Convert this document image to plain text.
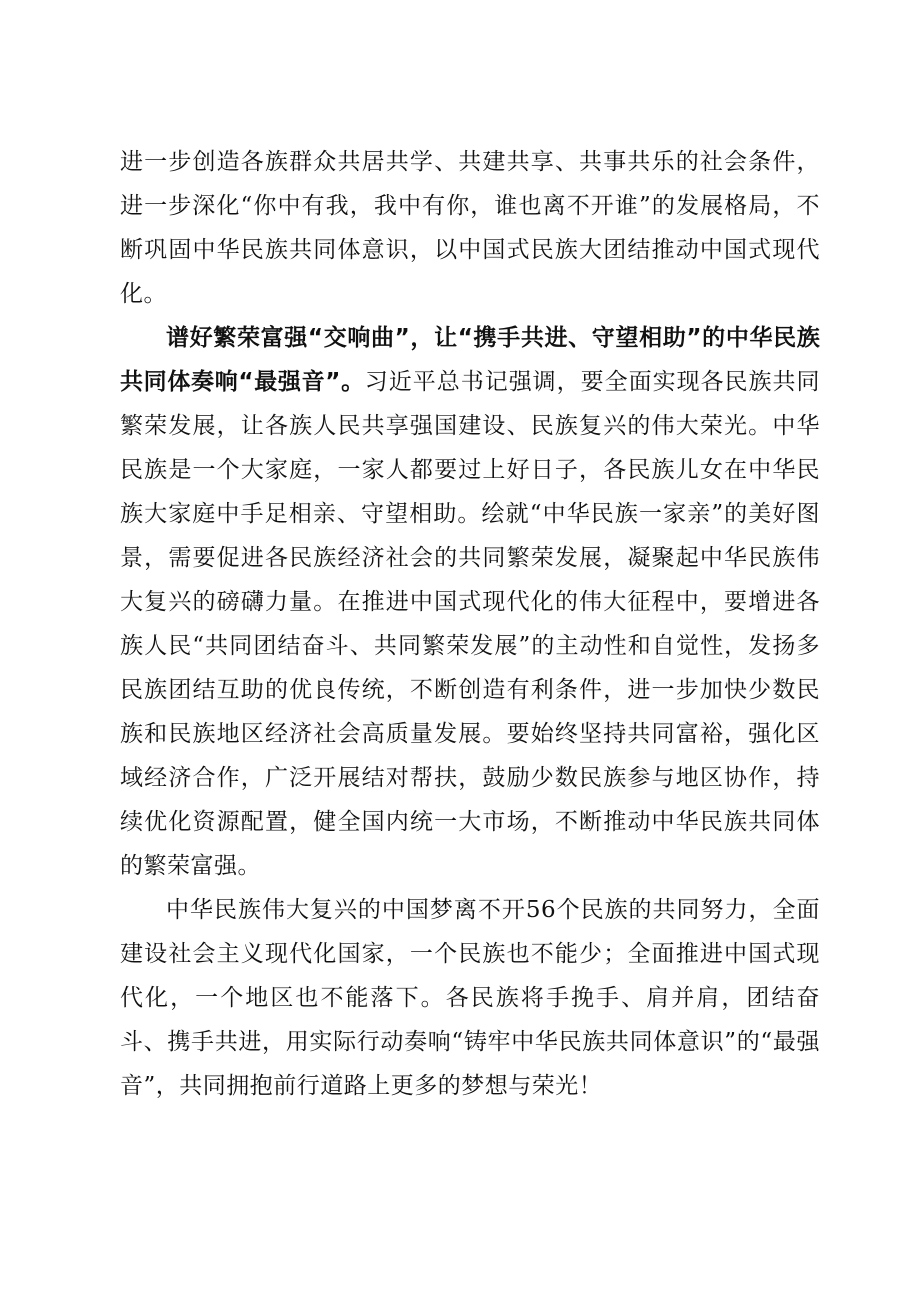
进一步创造各族群众共居共学、共建共享、共事共乐的社会条件，进一步深化“你中有我，我中有你，谁也离不开谁”的发展格局，不断巩固中华民族共同体意识，以中国式民族大团结推动中国式现代化。

谱好繁荣富强“交响曲”，让“携手共进、守望相助”的中华民族共同体奏响“最强音”。习近平总书记强调，要全面实现各民族共同繁荣发展，让各族人民共享强国建设、民族复兴的伟大荣光。中华民族是一个大家庭，一家人都要过上好日子，各民族儿女在中华民族大家庭中手足相亲、守望相助。绘就“中华民族一家亲”的美好图景，需要促进各民族经济社会的共同繁荣发展，凝聚起中华民族伟大复兴的磅礴力量。在推进中国式现代化的伟大征程中，要增进各族人民“共同团结奋斗、共同繁荣发展”的主动性和自觉性，发扬多民族团结互助的优良传统，不断创造有利条件，进一步加快少数民族和民族地区经济社会高质量发展。要始终坚持共同富裕，强化区域经济合作，广泛开展结对帮扶，鼓励少数民族参与地区协作，持续优化资源配置，健全国内统一大市场，不断推动中华民族共同体的繁荣富强。

中华民族伟大复兴的中国梦离不开56个民族的共同努力，全面建设社会主义现代化国家，一个民族也不能少；全面推进中国式现代化，一个地区也不能落下。各民族将手挽手、肩并肩，团结奋斗、携手共进，用实际行动奏响“铸牢中华民族共同体意识”的“最强音”，共同拥抱前行道路上更多的梦想与荣光！
